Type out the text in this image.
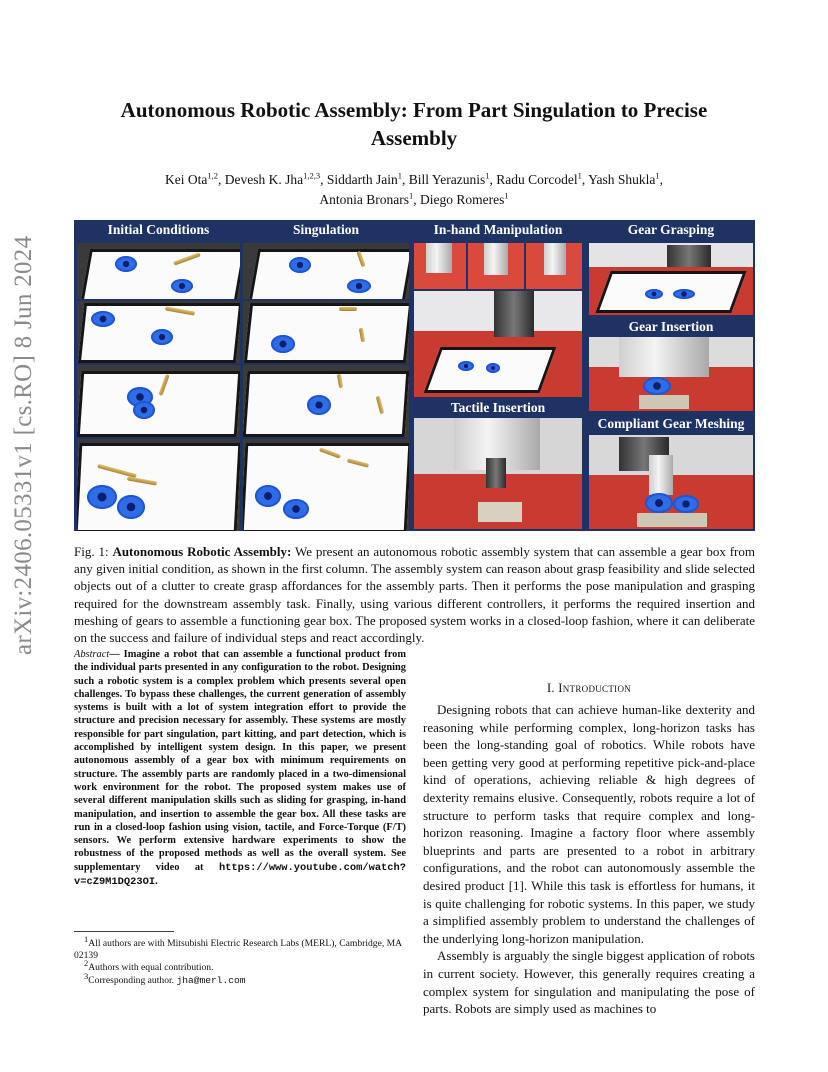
arXiv:2406.05331v1 [cs.RO] 8 Jun 2024
Autonomous Robotic Assembly: From Part Singulation to Precise Assembly
Kei Ota$^{1,2}$, Devesh K. Jha$^{1,2,3}$, Siddarth Jain$^1$, Bill Yerazunis$^1$, Radu Corcodel$^1$, Yash Shukla$^1$,
Antonia Bronars$^1$, Diego Romeres$^1$
Initial Conditions	Singulation	In-hand Manipulation
Tactile Insertion
Gear Grasping
Gear Insertion
Compliant Gear Meshing
Fig. 1: Autonomous Robotic Assembly: We present an autonomous robotic assembly system that can assemble a gear box from any given initial condition, as shown in the first column. The assembly system can reason about grasp feasibility and slide selected objects out of a clutter to create grasp affordances for the assembly parts. Then it performs the pose manipulation and grasping required for the downstream assembly task. Finally, using various different controllers, it performs the required insertion and meshing of gears to assemble a functioning gear box. The proposed system works in a closed-loop fashion, where it can deliberate on the success and failure of individual steps and react accordingly.
Abstract— Imagine a robot that can assemble a functional product from the individual parts presented in any configuration to the robot. Designing such a robotic system is a complex problem which presents several open challenges. To bypass these challenges, the current generation of assembly systems is built with a lot of system integration effort to provide the structure and precision necessary for assembly. These systems are mostly responsible for part singulation, part kitting, and part detection, which is accomplished by intelligent system design. In this paper, we present autonomous assembly of a gear box with minimum requirements on structure. The assembly parts are randomly placed in a two-dimensional work environment for the robot. The proposed system makes use of several different manipulation skills such as sliding for grasping, in-hand manipulation, and insertion to assemble the gear box. All these tasks are run in a closed-loop fashion using vision, tactile, and Force-Torque (F/T) sensors. We perform extensive hardware experiments to show the robustness of the proposed methods as well as the overall system. See supplementary video at https://www.youtube.com/watch?v=cZ9M1DQ23OI.

$^1$All authors are with Mitsubishi Electric Research Labs (MERL), Cambridge, MA 02139

$^2$Authors with equal contribution.

$^3$Corresponding author. jha@merl.com

I. Introduction

Designing robots that can achieve human-like dexterity and reasoning while performing complex, long-horizon tasks has been the long-standing goal of robotics. While robots have been getting very good at performing repetitive pick-and-place kind of operations, achieving reliable & high degrees of dexterity remains elusive. Consequently, robots require a lot of structure to perform tasks that require complex and long-horizon reasoning. Imagine a factory floor where assembly blueprints and parts are presented to a robot in arbitrary configurations, and the robot can autonomously assemble the desired product [1]. While this task is effortless for humans, it is quite challenging for robotic systems. In this paper, we study a simplified assembly problem to understand the challenges of the underlying long-horizon manipulation.

Assembly is arguably the single biggest application of robots in current society. However, this generally requires creating a complex system for singulation and manipulating the pose of parts. Robots are simply used as machines to
